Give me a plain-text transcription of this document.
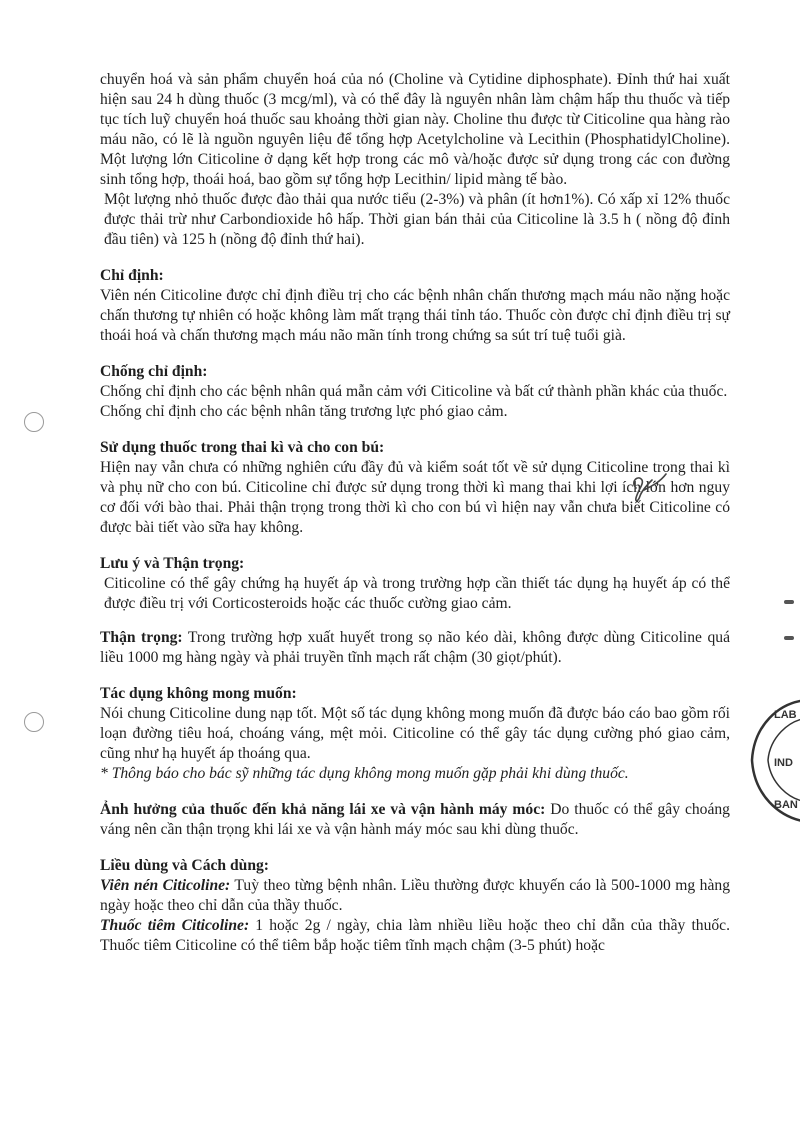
chuyển hoá và sản phẩm chuyển hoá của nó (Choline và Cytidine diphosphate). Đỉnh thứ hai xuất hiện sau 24 h dùng thuốc (3 mcg/ml), và có thể đây là nguyên nhân làm chậm hấp thu thuốc và tiếp tục tích luỹ chuyển hoá thuốc sau khoảng thời gian này. Choline thu được từ Citicoline qua hàng rào máu não, có lẽ là nguồn nguyên liệu để tổng hợp Acetylcholine và Lecithin (PhosphatidylCholine). Một lượng lớn Citicoline ở dạng kết hợp trong các mô và/hoặc được sử dụng trong các con đường sinh tổng hợp, thoái hoá, bao gồm sự tổng hợp Lecithin/ lipid màng tế bào.

Một lượng nhỏ thuốc được đào thải qua nước tiểu (2-3%) và phân (ít hơn1%). Có xấp xỉ 12% thuốc được thải trừ như Carbondioxide hô hấp. Thời gian bán thải của Citicoline là 3.5 h ( nồng độ đỉnh đầu tiên) và 125 h (nồng độ đỉnh thứ hai).

Chỉ định:

Viên nén Citicoline được chỉ định điều trị cho các bệnh nhân chấn thương mạch máu não nặng hoặc chấn thương tự nhiên có hoặc không làm mất trạng thái tỉnh táo. Thuốc còn được chỉ định điều trị sự thoái hoá và chấn thương mạch máu não mãn tính trong chứng sa sút trí tuệ tuổi già.

Chống chỉ định:

Chống chỉ định cho các bệnh nhân quá mẫn cảm với Citicoline và bất cứ thành phần khác của thuốc.

Chống chỉ định cho các bệnh nhân tăng trương lực phó giao cảm.

Sử dụng thuốc trong thai kì và cho con bú:

Hiện nay vẫn chưa có những nghiên cứu đầy đủ và kiểm soát tốt về sử dụng Citicoline trong thai kì và phụ nữ cho con bú. Citicoline chỉ được sử dụng trong thời kì mang thai khi lợi ích lớn hơn nguy cơ đối với bào thai. Phải thận trọng trong thời kì cho con bú vì hiện nay vẫn chưa biết Citicoline có được bài tiết vào sữa hay không.

Lưu ý và Thận trọng:

Citicoline có thể gây chứng hạ huyết áp và trong trường hợp cần thiết tác dụng hạ huyết áp có thể được điều trị với Corticosteroids hoặc các thuốc cường giao cảm.

Thận trọng: Trong trường hợp xuất huyết trong sọ não kéo dài, không được dùng Citicoline quá liều 1000 mg hàng ngày và phải truyền tĩnh mạch rất chậm (30 giọt/phút).

Tác dụng không mong muốn:

Nói chung Citicoline dung nạp tốt. Một số tác dụng không mong muốn đã được báo cáo bao gồm rối loạn đường tiêu hoá, choáng váng, mệt mỏi. Citicoline có thể gây tác dụng cường phó giao cảm, cũng như hạ huyết áp thoáng qua.

* Thông báo cho bác sỹ những tác dụng không mong muốn gặp phải khi dùng thuốc.

Ảnh hưởng của thuốc đến khả năng lái xe và vận hành máy móc: Do thuốc có thể gây choáng váng nên cần thận trọng khi lái xe và vận hành máy móc sau khi dùng thuốc.

Liều dùng và Cách dùng:

Viên nén Citicoline: Tuỳ theo từng bệnh nhân. Liều thường được khuyến cáo là 500-1000 mg hàng ngày hoặc theo chỉ dẫn của thầy thuốc.

Thuốc tiêm Citicoline: 1 hoặc 2g / ngày, chia làm nhiều liều hoặc theo chỉ dẫn của thầy thuốc. Thuốc tiêm Citicoline có thể tiêm bắp hoặc tiêm tĩnh mạch chậm (3-5 phút) hoặc

LAB
IND
BAN
